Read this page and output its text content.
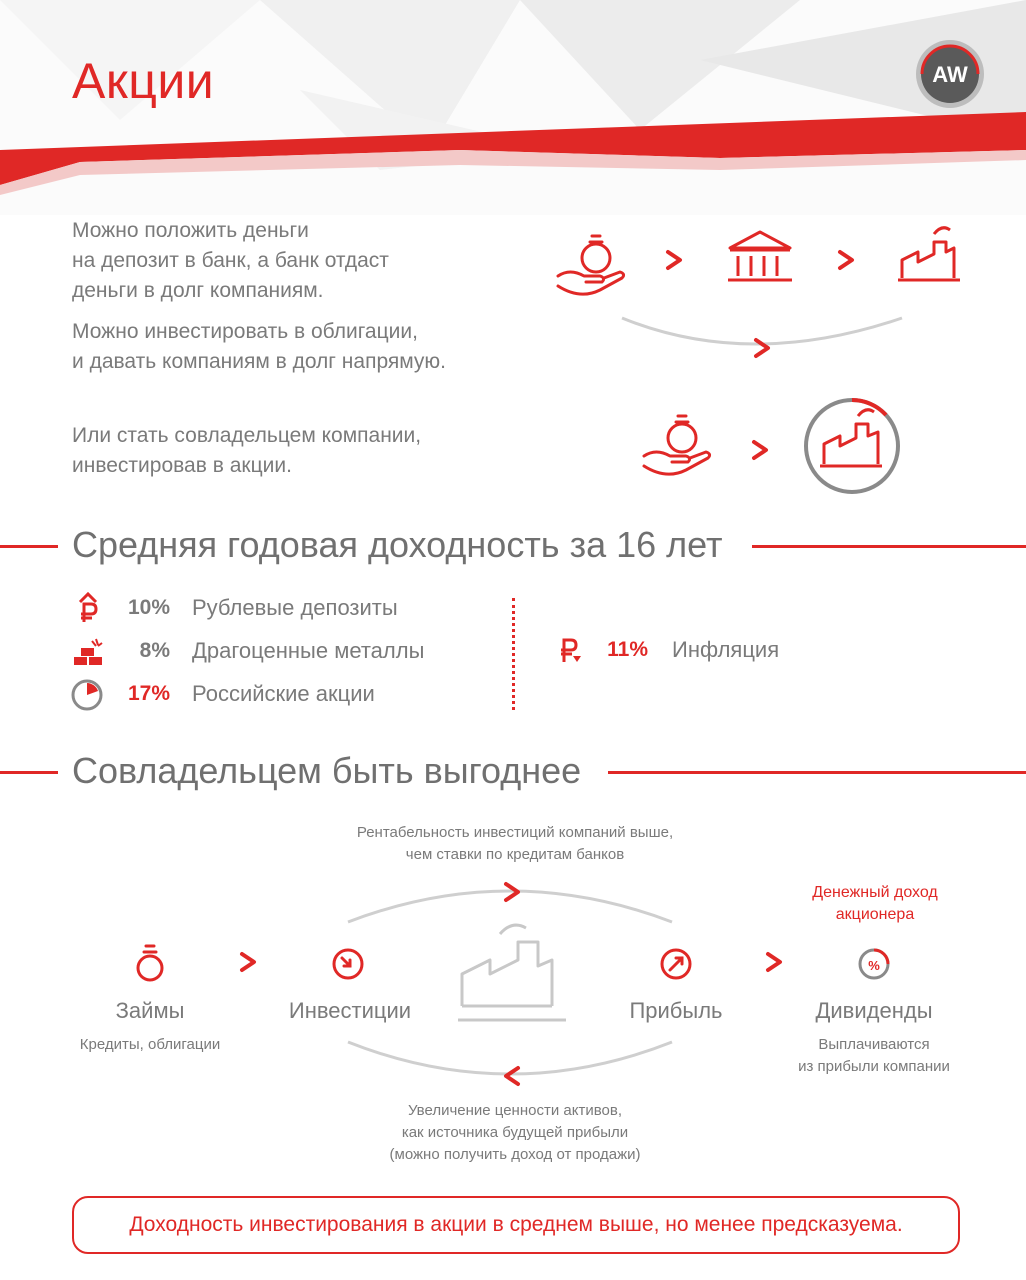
Акции	AW
Можно положить деньги
на депозит в банк, а банк отдаст
деньги в долг компаниям.
Можно инвестировать в облигации,
и давать компаниям в долг напрямую.
Или стать совладельцем компании,
инвестировав в акции.
Средняя годовая доходность за 16 лет
10% Рублевые депозиты
8% Драгоценные металлы
17% Российские акции
11% Инфляция
Совладельцем быть выгоднее
Рентабельность инвестиций компаний выше,
чем ставки по кредитам банков
Денежный доход
акционера
%
Займы
Кредиты, облигации
Инвестиции	Прибыль	Дивиденды
Выплачиваются
из прибыли компании
Увеличение ценности активов,
как источника будущей прибыли
(можно получить доход от продажи)
Доходность инвестирования в акции в среднем выше, но менее предсказуема.
